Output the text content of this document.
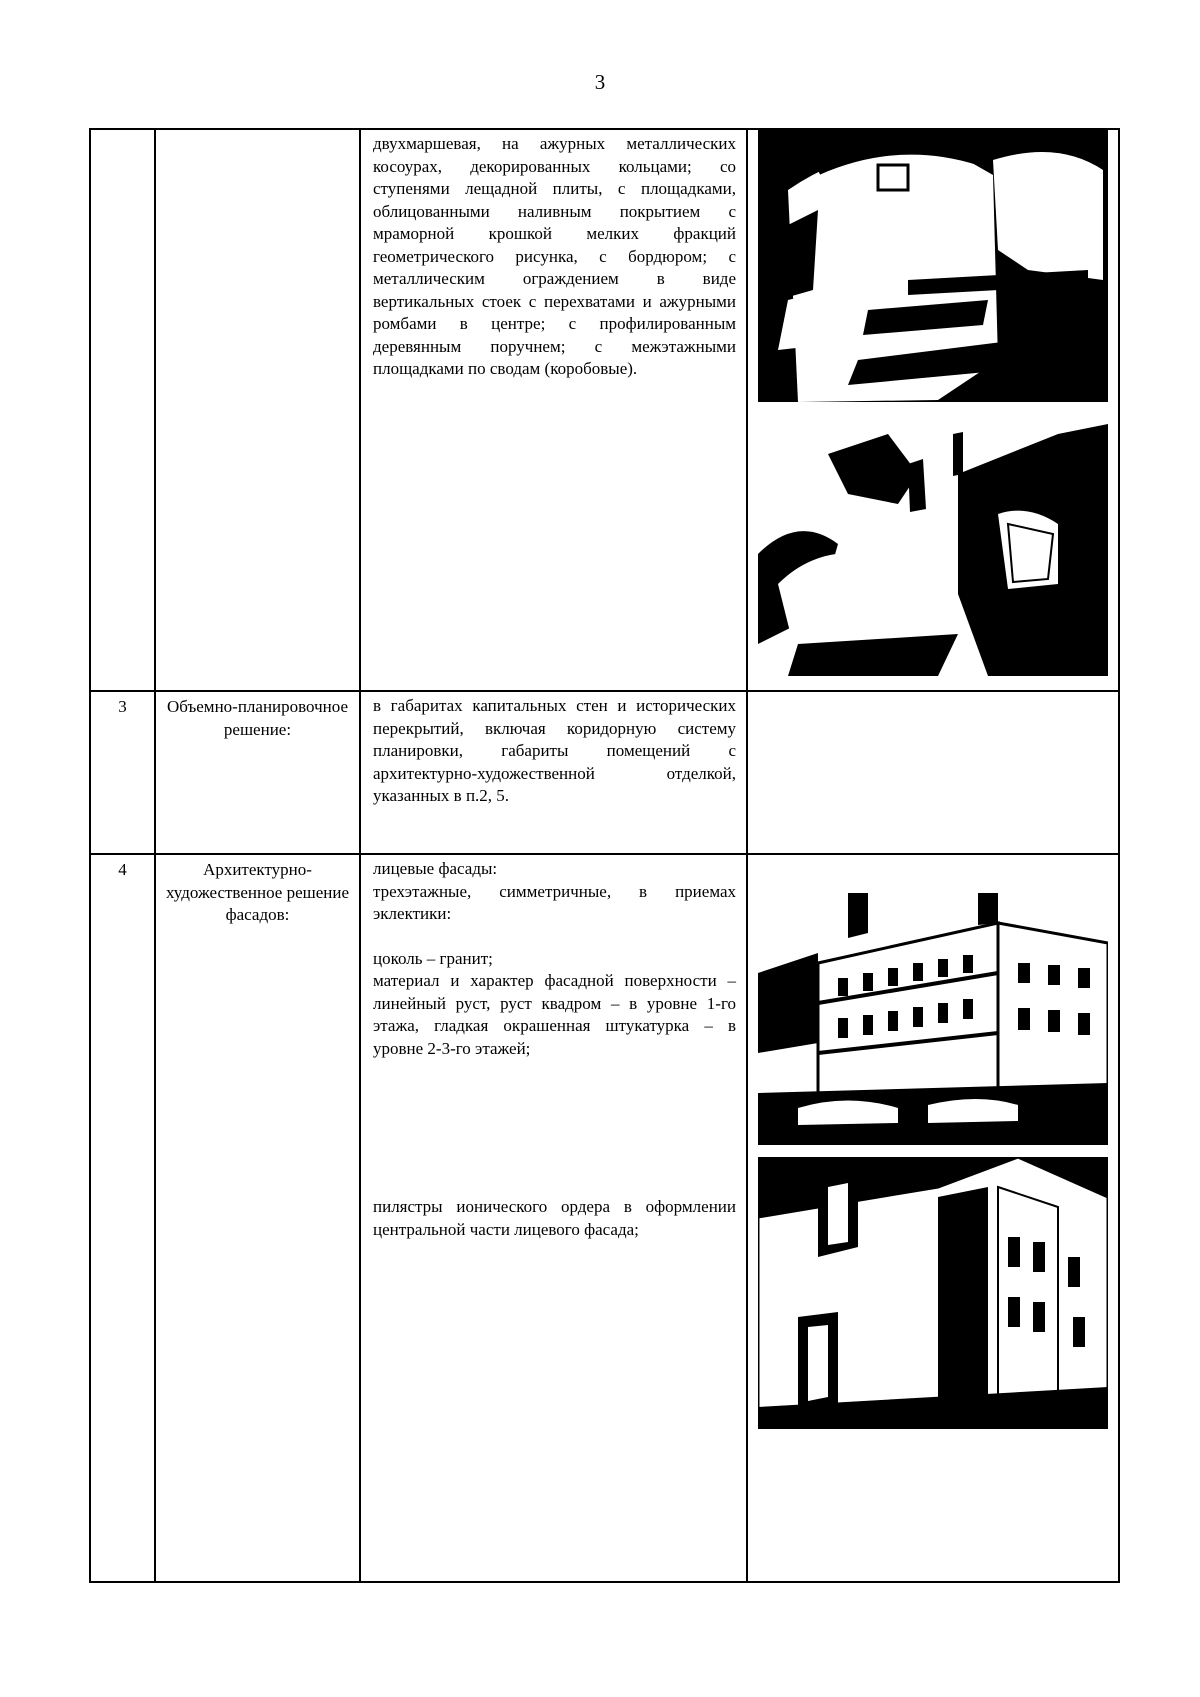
3

		двухмаршевая, на ажурных металлических косоурах, декорированных кольцами; со ступенями лещадной плиты, с площадками, облицованными наливным покрытием с мраморной крошкой мелких фракций геометрического рисунка, с бордюром; с металлическим ограждением в виде вертикальных стоек с перехватами и ажурными ромбами в центре; с профилированным деревянным поручнем; с межэтажными площадками по сводам (коробовые).

3	Объемно-планировочное решение:	в габаритах капитальных стен и исторических перекрытий, включая коридорную систему планировки, габариты помещений с архитектурно-художественной отделкой, указанных в п.2, 5.	

4	Архитектурно-художественное решение фасадов:	лицевые фасады:
трехэтажные, симметричные, в приемах эклектики:
цоколь – гранит;
материал и характер фасадной поверхности – линейный руст, руст квадром – в уровне 1-го этажа, гладкая окрашенная штукатурка – в уровне 2-3-го этажей;
пилястры ионического ордера в оформлении центральной части лицевого фасада;
